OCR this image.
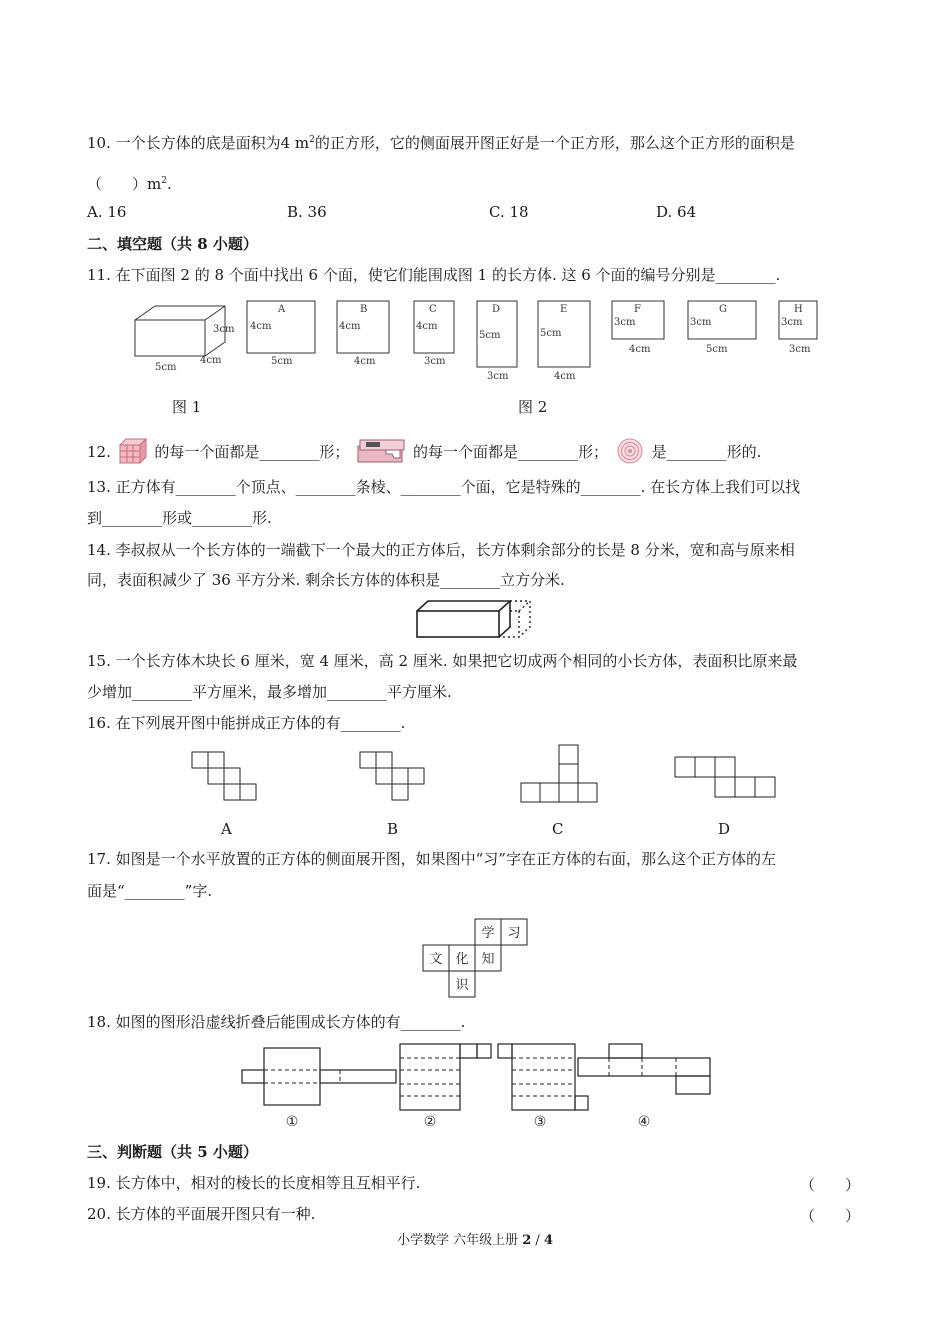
10. 一个长方体的底是面积为4 $m^2$的正方形，它的侧面展开图正好是一个正方形，那么这个正方形的面积是
（　　）$m^2$.
A. 16	B. 36	C. 18	D. 64
二、填空题（共 8 小题）
11. 在下面图 2 的 8 个面中找出 6 个面，使它们能围成图 1 的长方体. 这 6 个面的编号分别是________.
3cm
4cm
5cm
图 1
A
4cm
5cm
B
4cm
4cm
C
4cm
3cm
D
5cm
3cm
E
5cm
4cm
F
3cm
4cm
G
3cm
5cm
H
3cm
3cm
图 2
12.	的每一个面都是________形；	的每一个面都是________形；	是________形的.
13. 正方体有________个顶点、________条棱、________个面，它是特殊的________. 在长方体上我们可以找
到________形或________形.
14. 李叔叔从一个长方体的一端截下一个最大的正方体后，长方体剩余部分的长是 8 分米，宽和高与原来相
同，表面积减少了 36 平方分米. 剩余长方体的体积是________立方分米.
15. 一个长方体木块长 6 厘米，宽 4 厘米，高 2 厘米. 如果把它切成两个相同的小长方体，表面积比原来最
少增加________平方厘米，最多增加________平方厘米.
16. 在下列展开图中能拼成正方体的有________.
A	B	C	D
17. 如图是一个水平放置的正方体的侧面展开图，如果图中“习”字在正方体的右面，那么这个正方体的左
面是“________”字.
学 习
文 化 知
识
18. 如图的图形沿虚线折叠后能围成长方体的有________.
①	②	③	④
三、判断题（共 5 小题）
19. 长方体中，相对的棱长的长度相等且互相平行.	（　　）
20. 长方体的平面展开图只有一种.	（　　）
小学数学 六年级上册 2 / 4
